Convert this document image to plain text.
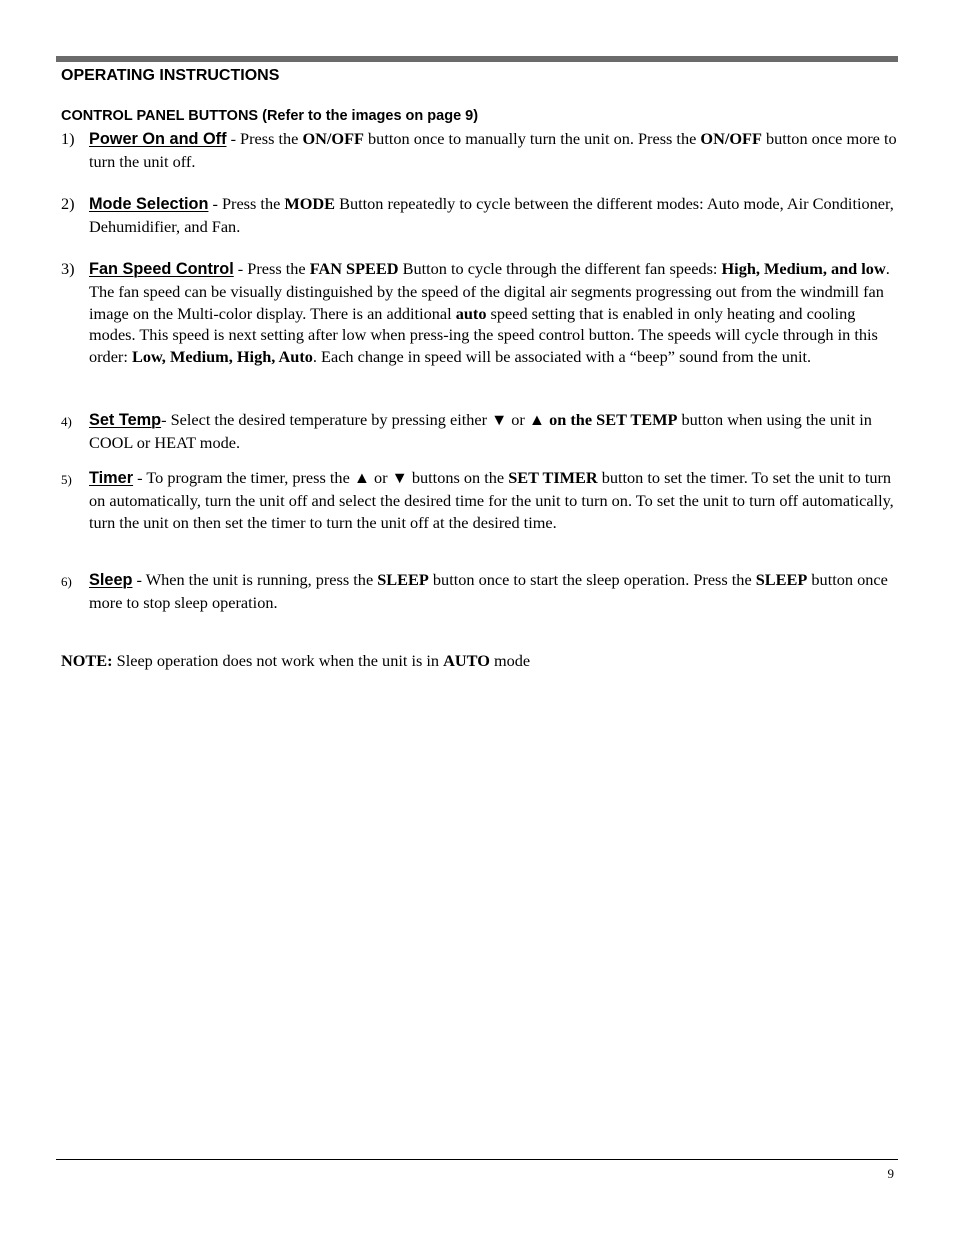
OPERATING INSTRUCTIONS
CONTROL PANEL BUTTONS (Refer to the images on page 9)
1) Power On and Off - Press the ON/OFF button once to manually turn the unit on. Press the ON/OFF button once more to turn the unit off.
2) Mode Selection - Press the MODE Button repeatedly to cycle between the different modes: Auto mode, Air Conditioner, Dehumidifier, and Fan.
3) Fan Speed Control - Press the FAN SPEED Button to cycle through the different fan speeds: High, Medium, and low. The fan speed can be visually distinguished by the speed of the digital air segments progressing out from the windmill fan image on the Multi-color display. There is an additional auto speed setting that is enabled in only heating and cooling modes. This speed is next setting after low when press-ing the speed control button. The speeds will cycle through in this order: Low, Medium, High, Auto. Each change in speed will be associated with a “beep” sound from the unit.
4)	Set Temp- Select the desired temperature by pressing either ▼ or ▲ on the SET TEMP button when using the unit in COOL or HEAT mode.
5)	Timer - To program the timer, press the ▲ or ▼ buttons on the SET TIMER button to set the timer. To set the unit to turn on automatically, turn the unit off and select the desired time for the unit to turn on. To set the unit to turn off automatically, turn the unit on then set the timer to turn the unit off at the desired time.
6)	Sleep - When the unit is running, press the SLEEP button once to start the sleep operation. Press the SLEEP button once more to stop sleep operation.
NOTE: Sleep operation does not work when the unit is in AUTO mode
9
